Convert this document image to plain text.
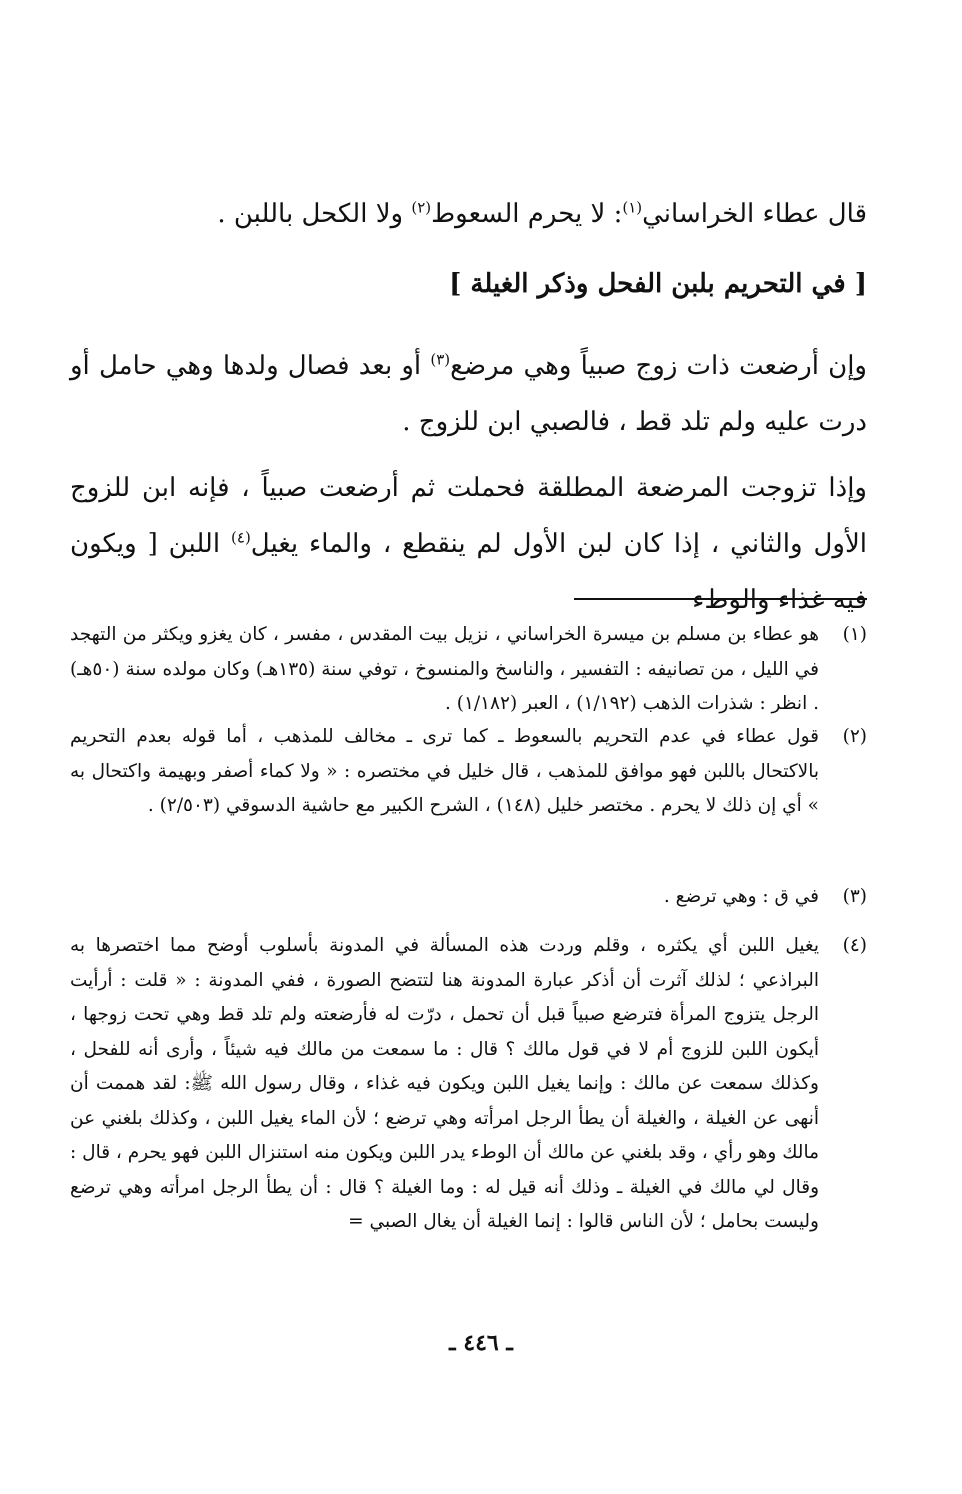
قال عطاء الخراساني$^{(١)}$: لا يحرم السعوط$^{(٢)}$ ولا الكحل باللبن .
[ في التحريم بلبن الفحل وذكر الغيلة ]
وإن أرضعت ذات زوج صبياً وهي مرضع$^{(٣)}$ أو بعد فصال ولدها وهي حامل أو درت عليه ولم تلد قط ، فالصبي ابن للزوج .
وإذا تزوجت المرضعة المطلقة فحملت ثم أرضعت صبياً ، فإنه ابن للزوج الأول والثاني ، إذا كان لبن الأول لم ينقطع ، والماء يغيل$^{(٤)}$ اللبن [ ويكون فيه غذاء والوطء
(١)
هو عطاء بن مسلم بن ميسرة الخراساني ، نزيل بيت المقدس ، مفسر ، كان يغزو ويكثر من التهجد في الليل ، من تصانيفه : التفسير ، والناسخ والمنسوخ ، توفي سنة (١٣٥هـ) وكان مولده سنة (٥٠هـ) . انظر : شذرات الذهب (١/١٩٢) ، العبر (١/١٨٢) .
(٢)
قول عطاء في عدم التحريم بالسعوط ـ كما ترى ـ مخالف للمذهب ، أما قوله بعدم التحريم بالاكتحال باللبن فهو موافق للمذهب ، قال خليل في مختصره : « ولا كماء أصفر وبهيمة واكتحال به » أي إن ذلك لا يحرم . مختصر خليل (١٤٨) ، الشرح الكبير مع حاشية الدسوقي (٢/٥٠٣) .
(٣)
في ق : وهي ترضع .
(٤)
يغيل اللبن أي يكثره ، وقلم وردت هذه المسألة في المدونة بأسلوب أوضح مما اختصرها به البراذعي ؛ لذلك آثرت أن أذكر عبارة المدونة هنا لتتضح الصورة ، ففي المدونة : « قلت : أرأيت الرجل يتزوج المرأة فترضع صبياً قبل أن تحمل ، درّت له فأرضعته ولم تلد قط وهي تحت زوجها ، أيكون اللبن للزوج أم لا في قول مالك ؟ قال : ما سمعت من مالك فيه شيئاً ، وأرى أنه للفحل ، وكذلك سمعت عن مالك : وإنما يغيل اللبن ويكون فيه غذاء ، وقال رسول الله ﷺ: لقد هممت أن أنهى عن الغيلة ، والغيلة أن يطأ الرجل امرأته وهي ترضع ؛ لأن الماء يغيل اللبن ، وكذلك بلغني عن مالك وهو رأي ، وقد بلغني عن مالك أن الوطء يدر اللبن ويكون منه استنزال اللبن فهو يحرم ، قال : وقال لي مالك في الغيلة ـ وذلك أنه قيل له : وما الغيلة ؟ قال : أن يطأ الرجل امرأته وهي ترضع وليست بحامل ؛ لأن الناس قالوا : إنما الغيلة أن يغال الصبي =
ـ ٤٤٦ ـ
